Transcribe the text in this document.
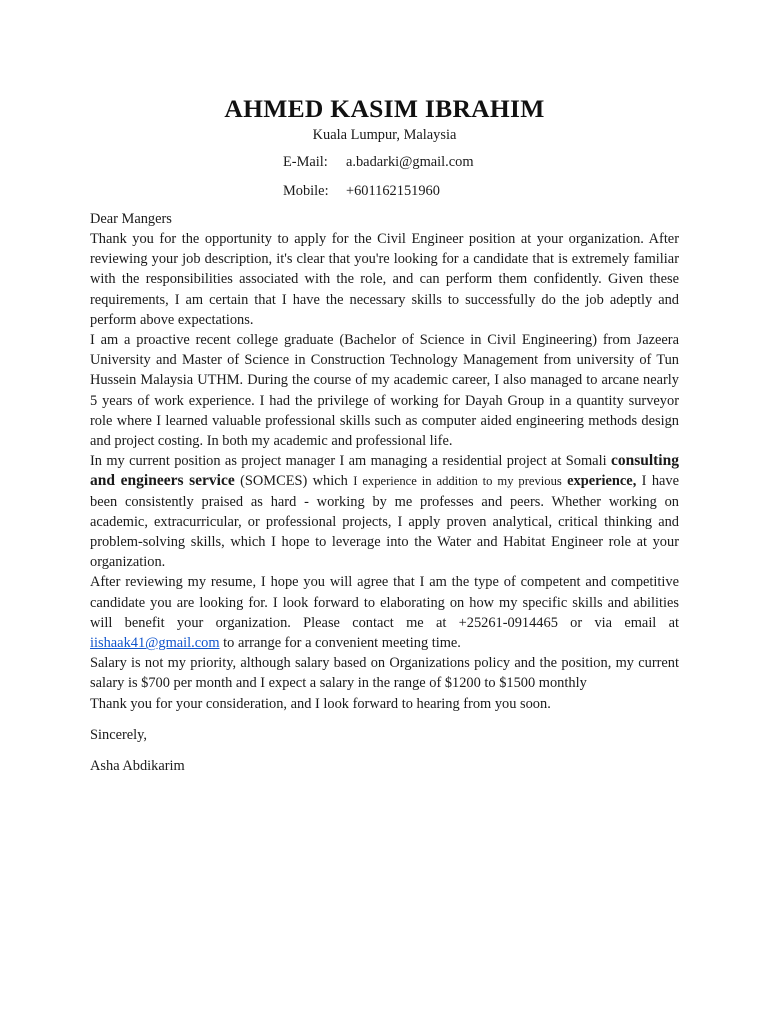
AHMED KASIM IBRAHIM
Kuala Lumpur, Malaysia
E-Mail:	a.badarki@gmail.com
Mobile:	+601162151960
Dear Mangers

Thank you for the opportunity to apply for the Civil Engineer position at your organization. After reviewing your job description, it's clear that you're looking for a candidate that is extremely familiar with the responsibilities associated with the role, and can perform them confidently. Given these requirements, I am certain that I have the necessary skills to successfully do the job adeptly and perform above expectations.

I am a proactive recent college graduate (Bachelor of Science in Civil Engineering) from Jazeera University and Master of Science in Construction Technology Management from university of Tun Hussein Malaysia UTHM. During the course of my academic career, I also managed to arcane nearly 5 years of work experience. I had the privilege of working for Dayah Group in a quantity surveyor role where I learned valuable professional skills such as computer aided engineering methods design and project costing. In both my academic and professional life.

In my current position as project manager I am managing a residential project at Somali consulting and engineers service (SOMCES) which I experience in addition to my previous experience, I have been consistently praised as hard - working by me professes and peers. Whether working on academic, extracurricular, or professional projects, I apply proven analytical, critical thinking and problem-solving skills, which I hope to leverage into the Water and Habitat Engineer role at your organization.

After reviewing my resume, I hope you will agree that I am the type of competent and competitive candidate you are looking for. I look forward to elaborating on how my specific skills and abilities will benefit your organization. Please contact me at +25261-0914465 or via email at iishaak41@gmail.com to arrange for a convenient meeting time.

Salary is not my priority, although salary based on Organizations policy and the position, my current salary is $700 per month and I expect a salary in the range of $1200 to $1500 monthly

Thank you for your consideration, and I look forward to hearing from you soon.

Sincerely,
Asha Abdikarim
